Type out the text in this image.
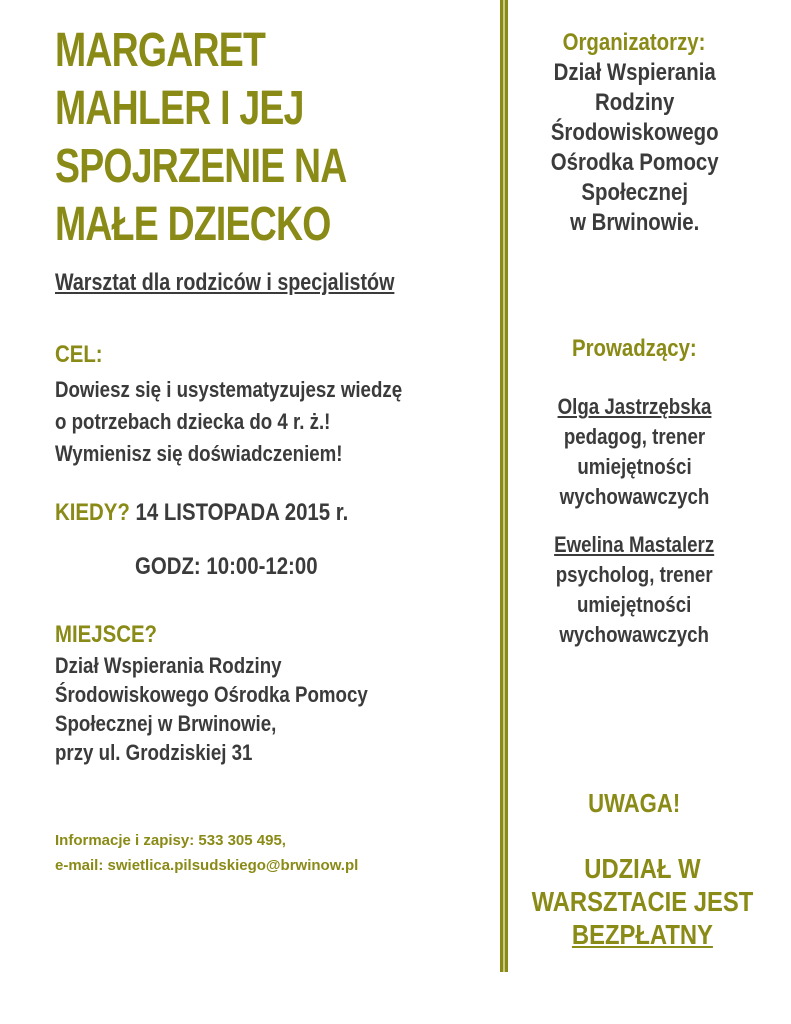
MARGARET
MAHLER I JEJ
SPOJRZENIE NA
MAŁE DZIECKO
Warsztat dla rodziców i specjalistów
CEL:
Dowiesz się i usystematyzujesz wiedzę
o potrzebach dziecka do 4 r. ż.!
Wymienisz się doświadczeniem!
KIEDY? 14 LISTOPADA 2015 r.
GODZ: 10:00-12:00
MIEJSCE?
Dział Wspierania Rodziny
Środowiskowego Ośrodka Pomocy
Społecznej w Brwinowie,
przy ul. Grodziskiej 31
Informacje i zapisy: 533 305 495,
e-mail: swietlica.pilsudskiego@brwinow.pl
Organizatorzy:
Dział Wspierania
Rodziny
Środowiskowego
Ośrodka Pomocy
Społecznej
w Brwinowie.
Prowadzący:
Olga Jastrzębska
pedagog, trener
umiejętności
wychowawczych
Ewelina Mastalerz
psycholog, trener
umiejętności
wychowawczych
UWAGA!
UDZIAŁ W
WARSZTACIE JEST
BEZPŁATNY
